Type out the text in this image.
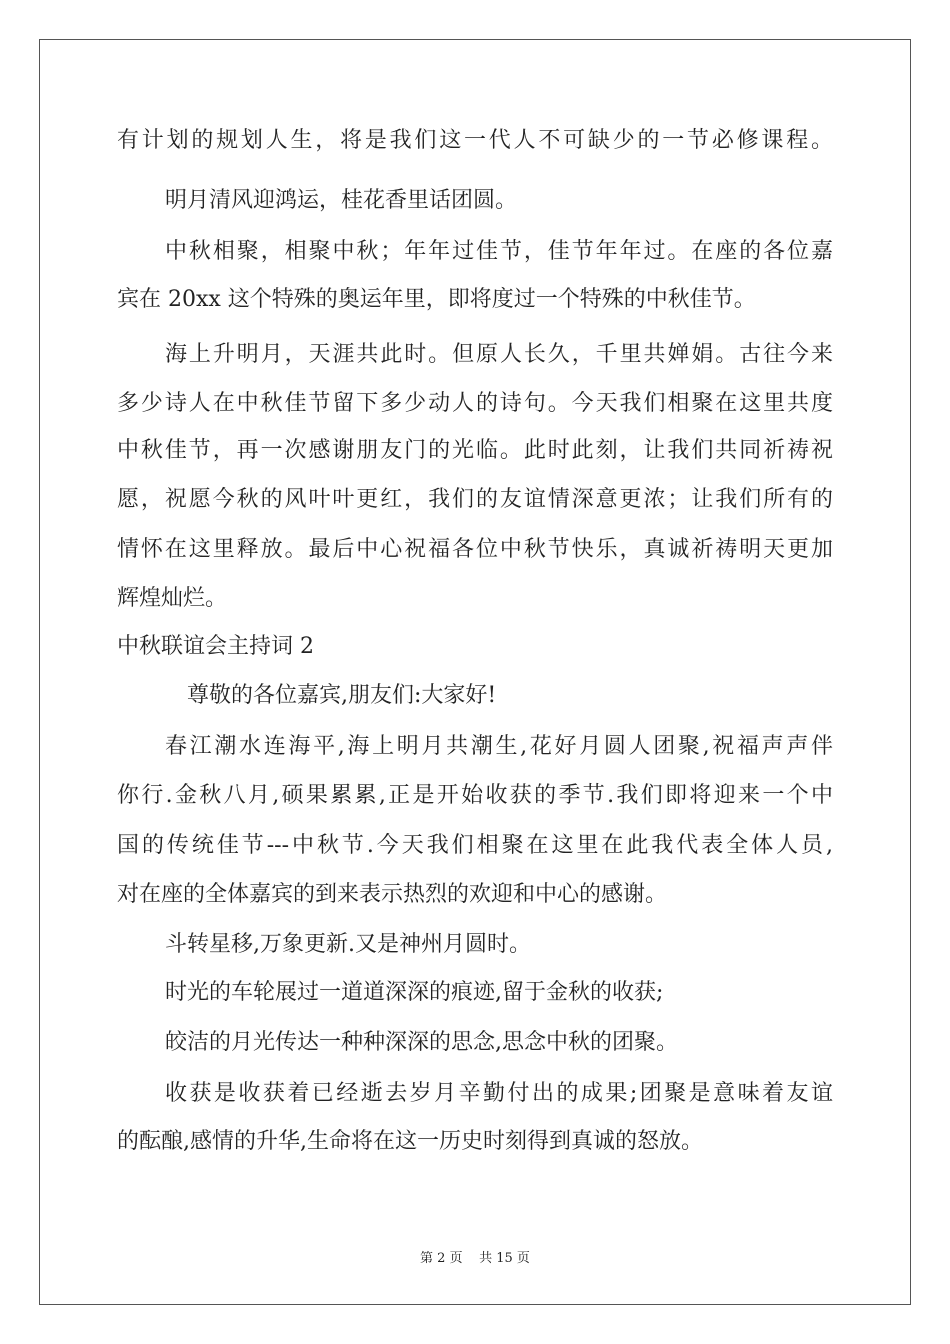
有计划的规划人生，将是我们这一代人不可缺少的一节必修课程。
明月清风迎鸿运，桂花香里话团圆。
中秋相聚，相聚中秋；年年过佳节，佳节年年过。在座的各位嘉
宾在 20xx 这个特殊的奥运年里，即将度过一个特殊的中秋佳节。
海上升明月，天涯共此时。但原人长久，千里共婵娟。古往今来
多少诗人在中秋佳节留下多少动人的诗句。今天我们相聚在这里共度
中秋佳节，再一次感谢朋友门的光临。此时此刻，让我们共同祈祷祝
愿，祝愿今秋的风叶叶更红，我们的友谊情深意更浓；让我们所有的
情怀在这里释放。最后中心祝福各位中秋节快乐，真诚祈祷明天更加
辉煌灿烂。
中秋联谊会主持词 2
尊敬的各位嘉宾,朋友们:大家好!
春江潮水连海平,海上明月共潮生,花好月圆人团聚,祝福声声伴
你行.金秋八月,硕果累累,正是开始收获的季节.我们即将迎来一个中
国的传统佳节---中秋节.今天我们相聚在这里在此我代表全体人员,
对在座的全体嘉宾的到来表示热烈的欢迎和中心的感谢。
斗转星移,万象更新.又是神州月圆时。
时光的车轮展过一道道深深的痕迹,留于金秋的收获;
皎洁的月光传达一种种深深的思念,思念中秋的团聚。
收获是收获着已经逝去岁月辛勤付出的成果;团聚是意味着友谊
的酝酿,感情的升华,生命将在这一历史时刻得到真诚的怒放。
第 2 页 共 15 页
